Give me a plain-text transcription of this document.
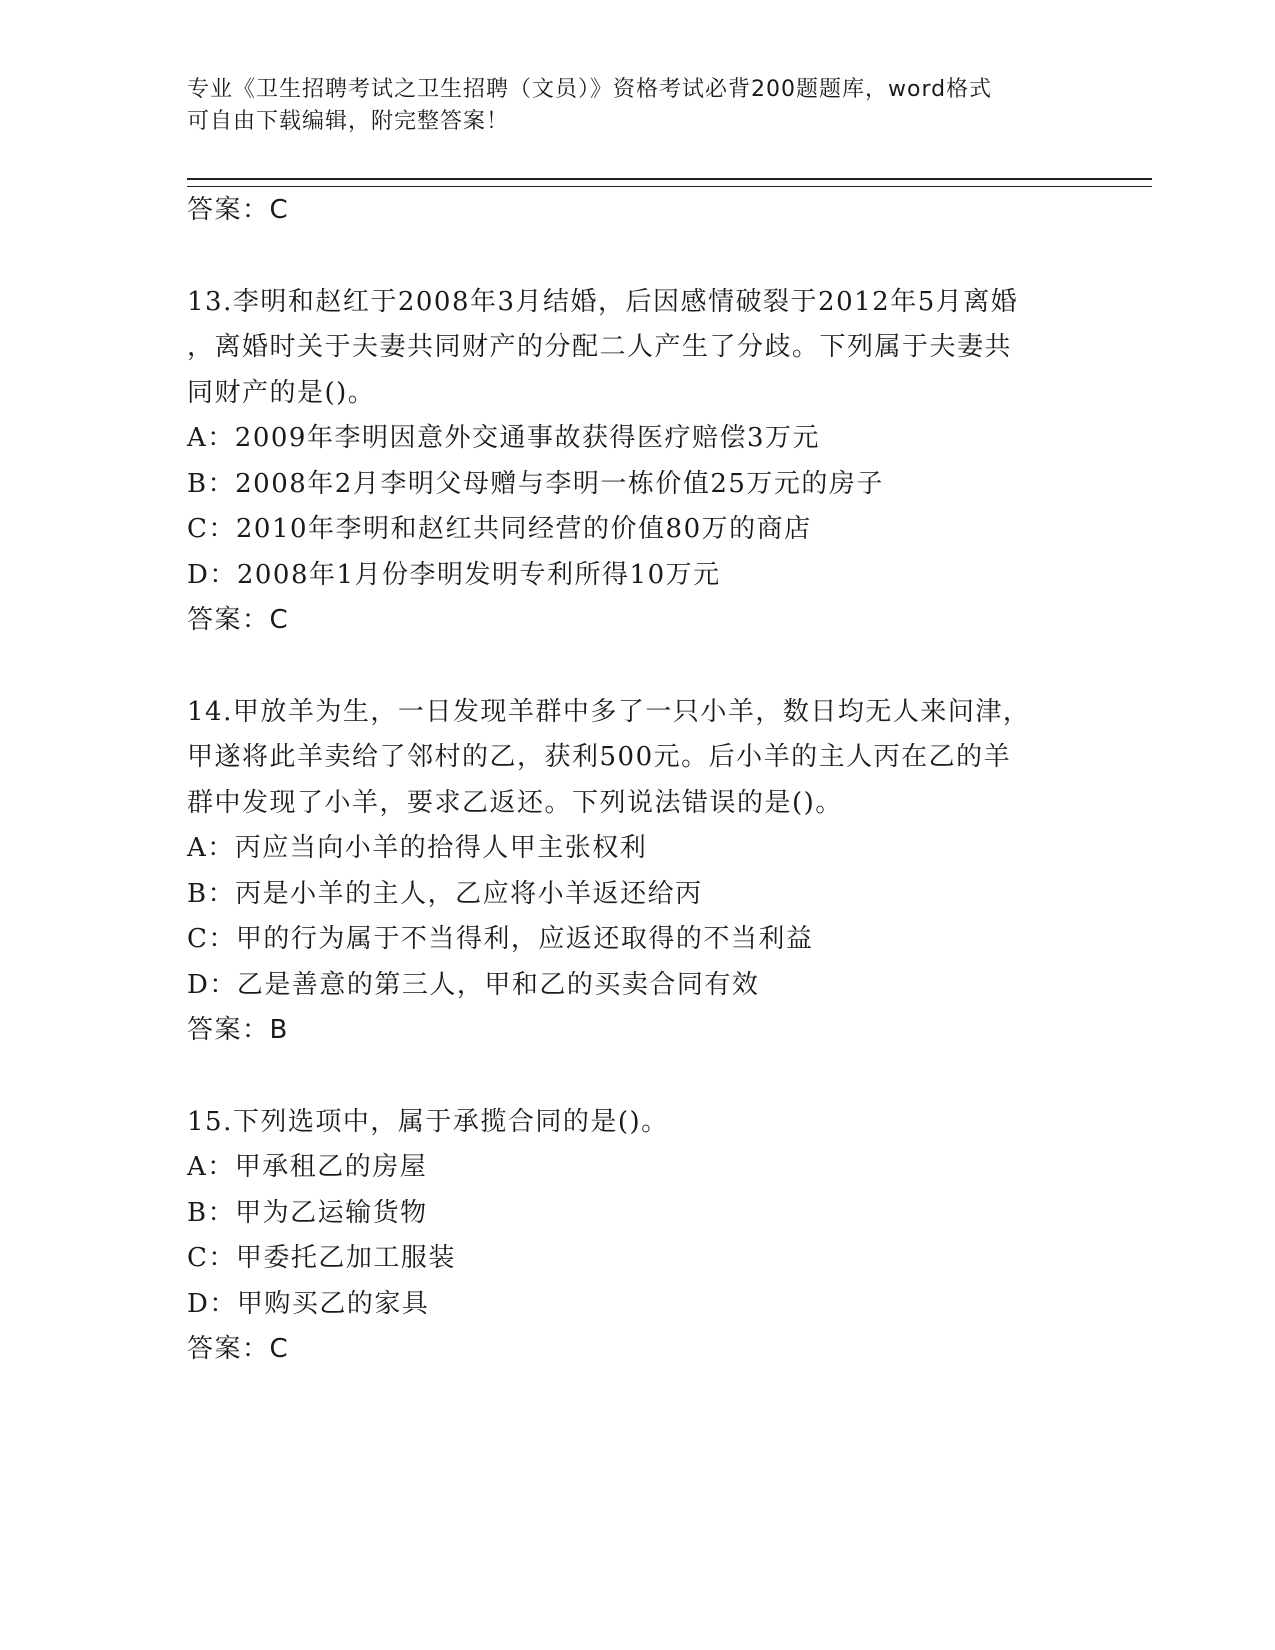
专业《卫生招聘考试之卫生招聘（文员）》资格考试必背200题题库，word格式
可自由下载编辑，附完整答案！
答案：C
13.李明和赵红于2008年3月结婚，后因感情破裂于2012年5月离婚
，离婚时关于夫妻共同财产的分配二人产生了分歧。下列属于夫妻共
同财产的是()。
A：2009年李明因意外交通事故获得医疗赔偿3万元
B：2008年2月李明父母赠与李明一栋价值25万元的房子
C：2010年李明和赵红共同经营的价值80万的商店
D：2008年1月份李明发明专利所得10万元
答案：C
14.甲放羊为生，一日发现羊群中多了一只小羊，数日均无人来问津，
甲遂将此羊卖给了邻村的乙，获利500元。后小羊的主人丙在乙的羊
群中发现了小羊，要求乙返还。下列说法错误的是()。
A：丙应当向小羊的拾得人甲主张权利
B：丙是小羊的主人，乙应将小羊返还给丙
C：甲的行为属于不当得利，应返还取得的不当利益
D：乙是善意的第三人，甲和乙的买卖合同有效
答案：B
15.下列选项中，属于承揽合同的是()。
A：甲承租乙的房屋
B：甲为乙运输货物
C：甲委托乙加工服装
D：甲购买乙的家具
答案：C
